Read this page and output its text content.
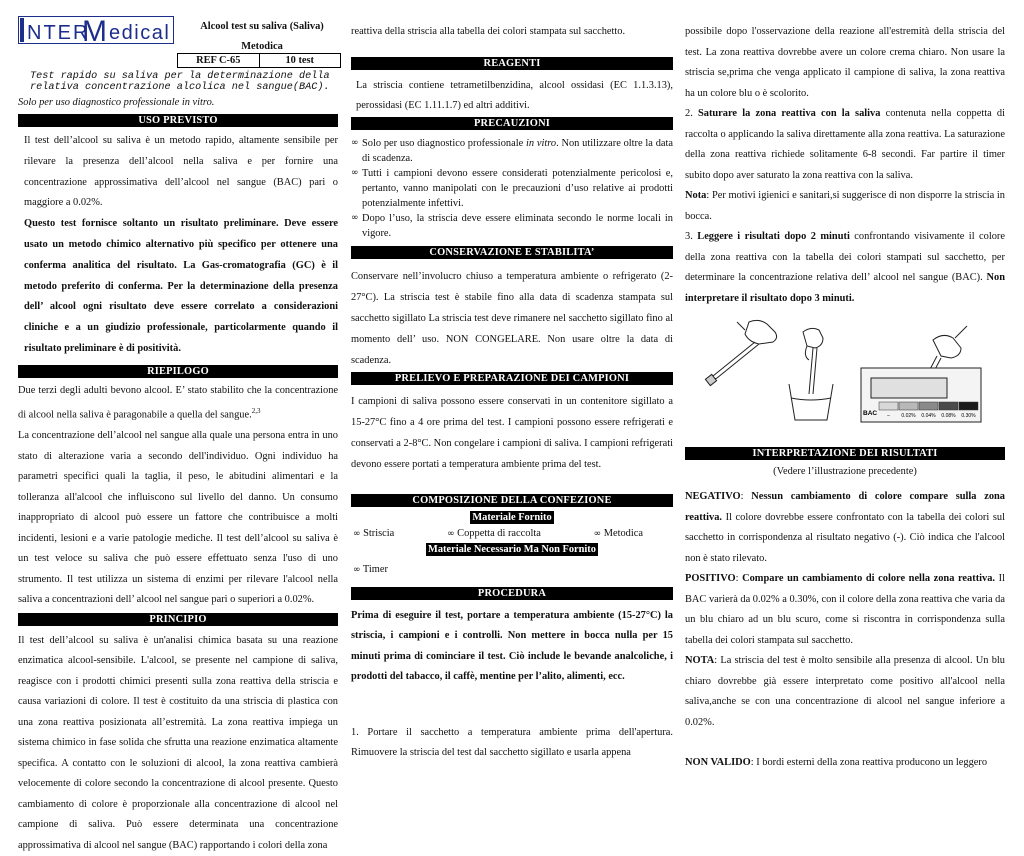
NTER
M edical	Alcool test su saliva (Saliva)
Metodica
REF C-65	10 test
Test rapido su saliva per la determinazione della relativa concentrazione alcolica nel sangue(BAC).
Solo per uso diagnostico professionale in vitro.
USO PREVISTO

Il test dell’alcool su saliva è un metodo rapido, altamente sensibile per rilevare la presenza dell’alcool nella saliva e per fornire una concentrazione approssimativa dell’alcool nel sangue (BAC) pari o maggiore a 0.02%.

Questo test fornisce soltanto un risultato preliminare. Deve essere usato un metodo chimico alternativo più specifico per ottenere una conferma analitica del risultato. La Gas-cromatografia (GC) è il metodo preferito di conferma. Per la determinazione della presenza dell’ alcool ogni risultato deve essere correlato a considerazioni cliniche e a un giudizio professionale, particolarmente quando il risultato preliminare è di positività.

RIEPILOGO

Due terzi degli adulti bevono alcool. E’ stato stabilito che la concentrazione di alcool nella saliva è paragonabile a quella del sangue.$^{2,3}$

La concentrazione dell’alcool nel sangue alla quale una persona entra in uno stato di alterazione varia a secondo dell'individuo. Ogni individuo ha parametri specifici quali la taglia, il peso, le abitudini alimentari e la tolleranza all'alcool che influiscono sul livello del danno. Un consumo inappropriato di alcool può essere un fattore che contribuisce a molti incidenti, lesioni e a varie patologie mediche. Il test dell’alcool su saliva è un test veloce su saliva che può essere effettuato senza l'uso di uno strumento. Il test utilizza un sistema di enzimi per rilevare l'alcool nella saliva a concentrazioni dell’ alcool nel sangue pari o superiori a 0.02%.

PRINCIPIO

Il test dell’alcool su saliva è un'analisi chimica basata su una reazione enzimatica alcool-sensibile. L'alcool, se presente nel campione di saliva, reagisce con i prodotti chimici presenti sulla zona reattiva della striscia e causa variazioni di colore. Il test è costituito da una striscia di plastica con una zona reattiva posizionata all’estremità. La zona reattiva impiega un sistema chimico in fase solida che sfrutta una reazione enzimatica altamente specifica. A contatto con le soluzioni di alcool, la zona reattiva cambierà velocemente di colore secondo la concentrazione di alcool presente. Questo cambiamento di colore è proporzionale alla concentrazione di alcool nel campione di saliva. Può essere determinata una concentrazione approssimativa di alcool nel sangue (BAC) rapportando i colori della zona

reattiva della striscia alla tabella dei colori stampata sul sacchetto.

REAGENTI

La striscia contiene tetrametilbenzidina, alcool ossidasi (EC 1.1.3.13), perossidasi (EC 1.11.1.7) ed altri additivi.

PRECAUZIONI
∞ Solo per uso diagnostico professionale in vitro. Non utilizzare oltre la data di scadenza.
∞ Tutti i campioni devono essere considerati potenzialmente pericolosi e, pertanto, vanno manipolati con le precauzioni d’uso relative ai prodotti potenzialmente infettivi.
∞ Dopo l’uso, la striscia deve essere eliminata secondo le norme locali in vigore.
CONSERVAZIONE E STABILITA’

Conservare nell’involucro chiuso a temperatura ambiente o refrigerato (2-27°C). La striscia test è stabile fino alla data di scadenza stampata sul sacchetto sigillato La striscia test deve rimanere nel sacchetto sigillato fino al momento dell’ uso. NON CONGELARE. Non usare oltre la data di scadenza.

PRELIEVO E PREPARAZIONE DEI CAMPIONI

I campioni di saliva possono essere conservati in un contenitore sigillato a 15-27°C fino a 4 ore prima del test. I campioni possono essere refrigerati e conservati a 2-8°C. Non congelare i campioni di saliva. I campioni refrigerati devono essere portati a temperatura ambiente prima del test.

COMPOSIZIONE DELLA CONFEZIONE
Materiale Fornito
∞ Striscia	∞ Coppetta di raccolta	∞ Metodica
Materiale Necessario Ma Non Fornito
∞ Timer
PROCEDURA

Prima di eseguire il test, portare a temperatura ambiente (15-27°C) la striscia, i campioni e i controlli. Non mettere in bocca nulla per 15 minuti prima di cominciare il test. Ciò include le bevande analcoliche, i prodotti del tabacco, il caffè, mentine per l’alito, alimenti, ecc.

1. Portare il sacchetto a temperatura ambiente prima dell'apertura. Rimuovere la striscia del test dal sacchetto sigillato e usarla appena

possibile dopo l'osservazione della reazione all'estremità della striscia del test. La zona reattiva dovrebbe avere un colore crema chiaro. Non usare la striscia se,prima che venga applicato il campione di saliva, la zona reattiva ha un colore blu o è scolorito.

2. Saturare la zona reattiva con la saliva contenuta nella coppetta di raccolta o applicando la saliva direttamente alla zona reattiva. La saturazione della zona reattiva richiede solitamente 6-8 secondi. Far partire il timer subito dopo aver saturato la zona reattiva con la saliva.

Nota: Per motivi igienici e sanitari,si suggerisce di non disporre la striscia in bocca.

3. Leggere i risultati dopo 2 minuti confrontando visivamente il colore della zona reattiva con la tabella dei colori stampati sul sacchetto, per determinare la concentrazione relativa dell’ alcool nel sangue (BAC). Non interpretare il risultato dopo 3 minuti.

BAC – 0.02% 0.04% 0.08% 0.30%
INTERPRETAZIONE DEI RISULTATI

(Vedere l’illustrazione precedente)

NEGATIVO: Nessun cambiamento di colore compare sulla zona reattiva. Il colore dovrebbe essere confrontato con la tabella dei colori sul sacchetto in corrispondenza al risultato negativo (-). Ciò indica che l'alcool non è stato rilevato.

POSITIVO: Compare un cambiamento di colore nella zona reattiva. Il BAC varierà da 0.02% a 0.30%, con il colore della zona reattiva che varia da un blu chiaro ad un blu scuro, come si riscontra in corrispondenza sulla tabella dei colori stampata sul sacchetto.

NOTA: La striscia del test è molto sensibile alla presenza di alcool. Un blu chiaro dovrebbe già essere interpretato come positivo all'alcool nella saliva,anche se con una concentrazione di alcool nel sangue inferiore a 0.02%.

NON VALIDO: I bordi esterni della zona reattiva producono un leggero
